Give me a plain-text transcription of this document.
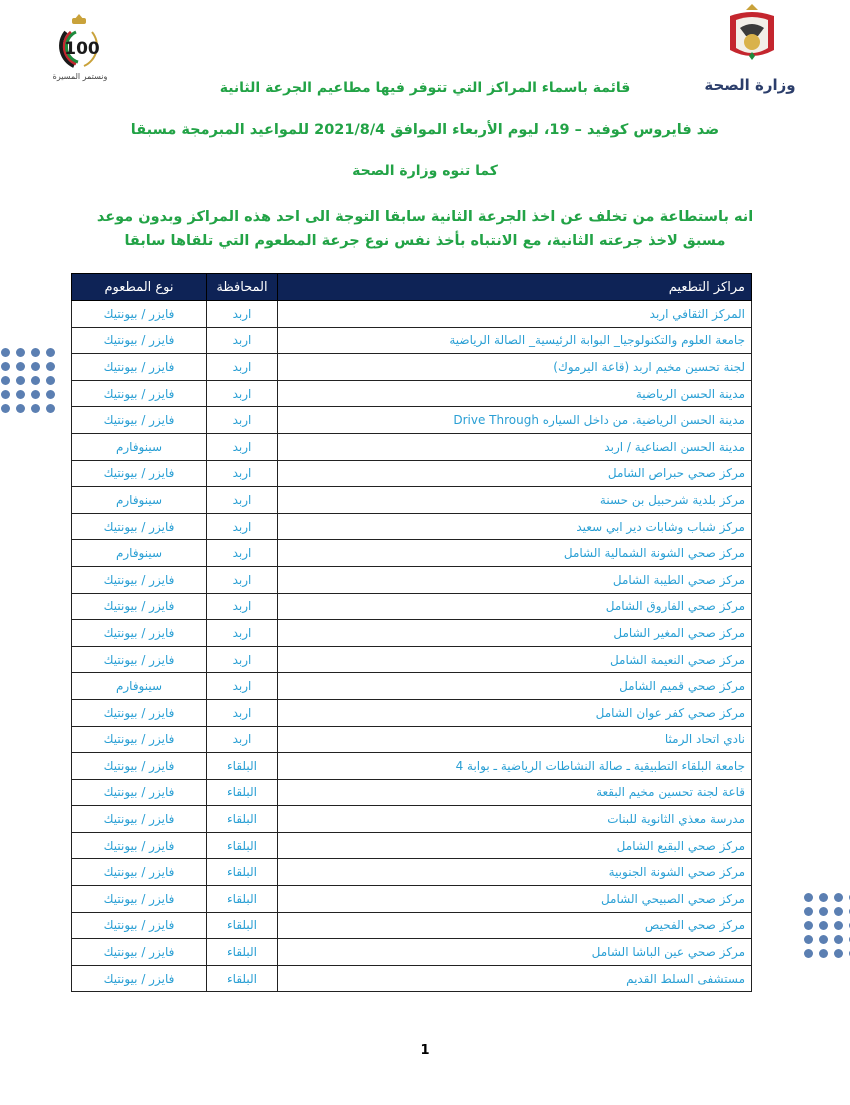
100
ونستمر المسيرة	وزارة الصحة
قائمة باسماء المراكز التي تتوفر فيها مطاعيم الجرعة الثانية
ضد فايروس كوفيد – 19، ليوم الأربعاء الموافق 2021/8/4 للمواعيد المبرمجة مسبقا
كما تنوه وزارة الصحة
انه باستطاعة من تخلف عن اخذ الجرعة الثانية سابقا التوجة الى احد هذه المراكز وبدون موعد
مسبق لاخذ جرعته الثانية، مع الانتباه بأخذ نفس نوع جرعة المطعوم التي تلقاها سابقا
مراكز التطعيم	المحافظة	نوع المطعوم
المركز الثقافي اربد	اربد	فايزر / بيونتيك
جامعة العلوم والتكنولوجيا_ البوابة الرئيسية_ الصالة الرياضية	اربد	فايزر / بيونتيك
لجنة تحسين مخيم اربد (قاعة اليرموك)	اربد	فايزر / بيونتيك
مدينة الحسن الرياضية	اربد	فايزر / بيونتيك
مدينة الحسن الرياضية. من داخل السياره Drive Through	اربد	فايزر / بيونتيك
مدينة الحسن الصناعية / اربد	اربد	سينوفارم
مركز صحي حبراص الشامل	اربد	فايزر / بيونتيك
مركز بلدية شرحبيل بن حسنة	اربد	سينوفارم
مركز شباب وشابات دير ابي سعيد	اربد	فايزر / بيونتيك
مركز صحي الشونة الشمالية الشامل	اربد	سينوفارم
مركز صحي الطيبة الشامل	اربد	فايزر / بيونتيك
مركز صحي الفاروق الشامل	اربد	فايزر / بيونتيك
مركز صحي المغير الشامل	اربد	فايزر / بيونتيك
مركز صحي النعيمة الشامل	اربد	فايزر / بيونتيك
مركز صحي قميم الشامل	اربد	سينوفارم
مركز صحي كفر عوان الشامل	اربد	فايزر / بيونتيك
نادي اتحاد الرمثا	اربد	فايزر / بيونتيك
جامعة البلقاء التطبيقية ـ صالة النشاطات الرياضية ـ بوابة 4	البلقاء	فايزر / بيونتيك
قاعة لجنة تحسين مخيم البقعة	البلقاء	فايزر / بيونتيك
مدرسة معذي الثانوية للبنات	البلقاء	فايزر / بيونتيك
مركز صحي البقيع الشامل	البلقاء	فايزر / بيونتيك
مركز صحي الشونة الجنوبية	البلقاء	فايزر / بيونتيك
مركز صحي الصبيحي الشامل	البلقاء	فايزر / بيونتيك
مركز صحي الفحيص	البلقاء	فايزر / بيونتيك
مركز صحي عين الباشا الشامل	البلقاء	فايزر / بيونتيك
مستشفى السلط القديم	البلقاء	فايزر / بيونتيك
1
